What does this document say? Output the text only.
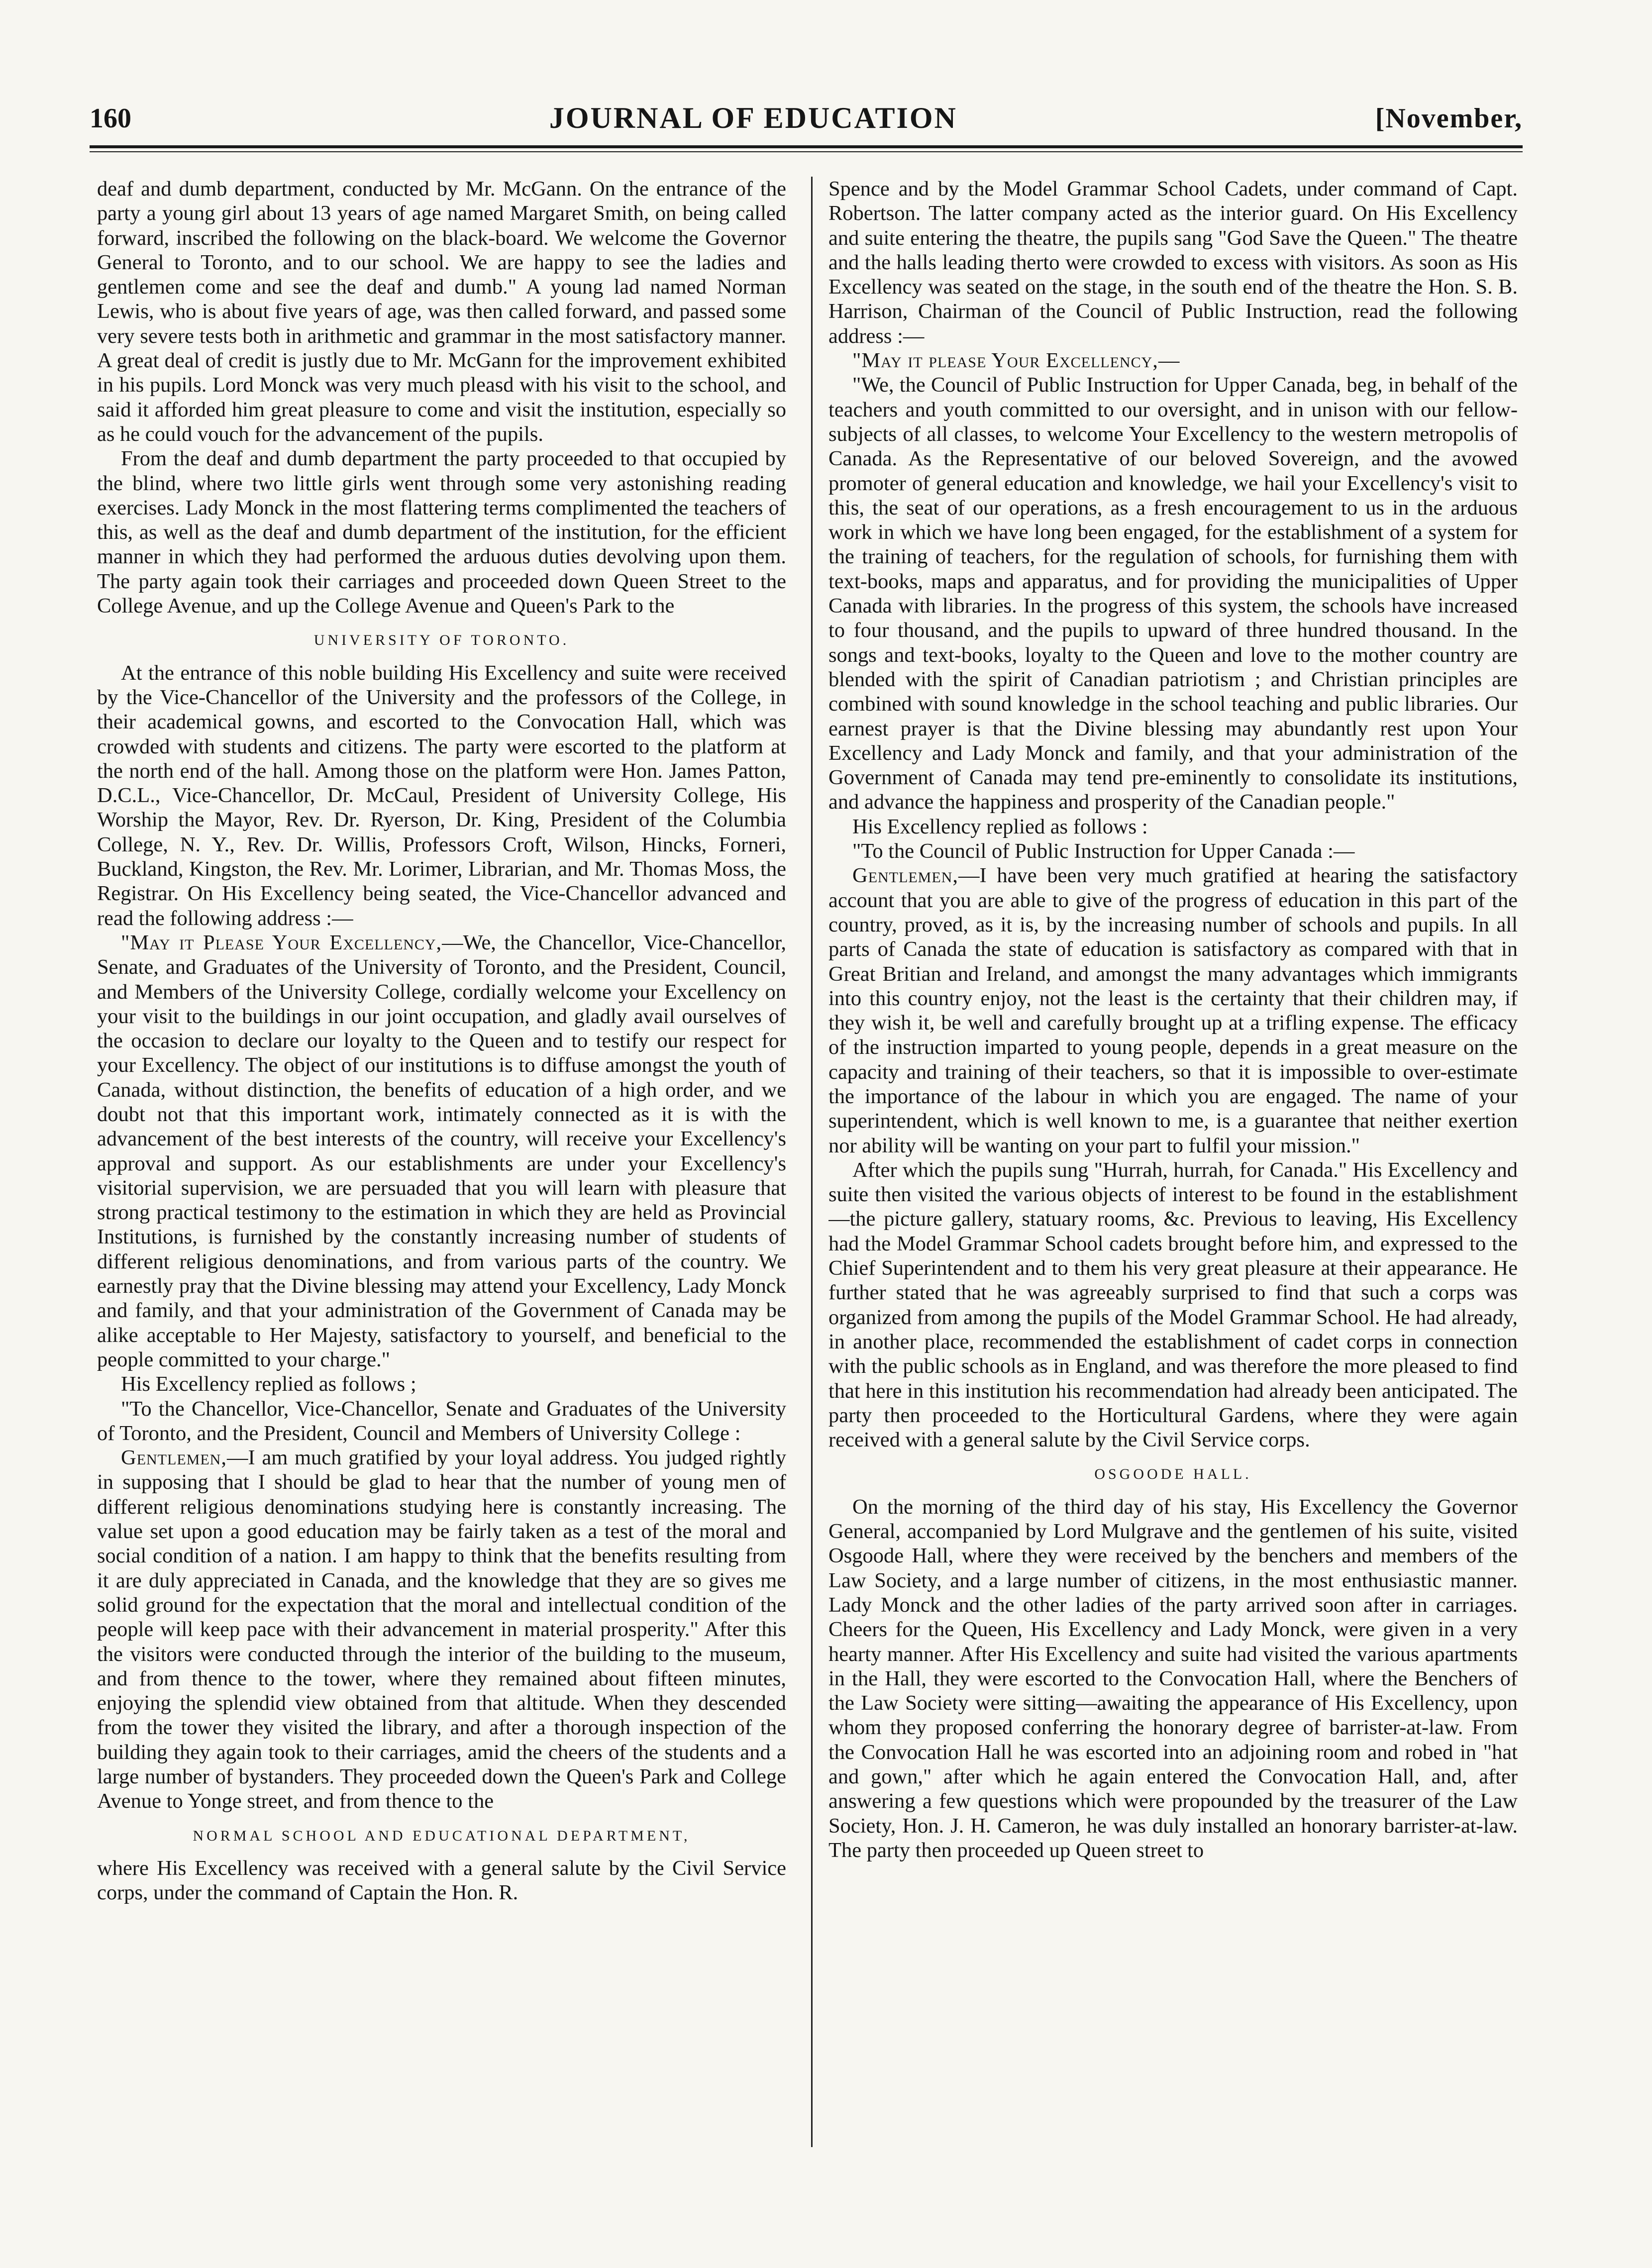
160	JOURNAL OF EDUCATION	[November,

deaf and dumb department, conducted by Mr. McGann. On the entrance of the party a young girl about 13 years of age named Margaret Smith, on being called forward, inscribed the following on the black-board. We welcome the Governor General to Toronto, and to our school. We are happy to see the ladies and gentlemen come and see the deaf and dumb." A young lad named Norman Lewis, who is about five years of age, was then called forward, and passed some very severe tests both in arithmetic and grammar in the most satisfactory manner. A great deal of credit is justly due to Mr. McGann for the improvement exhibited in his pupils. Lord Monck was very much pleasd with his visit to the school, and said it afforded him great pleasure to come and visit the institution, especially so as he could vouch for the advancement of the pupils.

From the deaf and dumb department the party proceeded to that occupied by the blind, where two little girls went through some very astonishing reading exercises. Lady Monck in the most flattering terms complimented the teachers of this, as well as the deaf and dumb department of the institution, for the efficient manner in which they had performed the arduous duties devolving upon them. The party again took their carriages and proceeded down Queen Street to the College Avenue, and up the College Avenue and Queen's Park to the

UNIVERSITY OF TORONTO.

At the entrance of this noble building His Excellency and suite were received by the Vice-Chancellor of the University and the professors of the College, in their academical gowns, and escorted to the Convocation Hall, which was crowded with students and citizens. The party were escorted to the platform at the north end of the hall. Among those on the platform were Hon. James Patton, D.C.L., Vice-Chancellor, Dr. McCaul, President of University College, His Worship the Mayor, Rev. Dr. Ryerson, Dr. King, President of the Columbia College, N. Y., Rev. Dr. Willis, Professors Croft, Wilson, Hincks, Forneri, Buckland, Kingston, the Rev. Mr. Lorimer, Librarian, and Mr. Thomas Moss, the Registrar. On His Excellency being seated, the Vice-Chancellor advanced and read the following address :—

"May it Please Your Excellency,—We, the Chancellor, Vice-Chancellor, Senate, and Graduates of the University of Toronto, and the President, Council, and Members of the University College, cordially welcome your Excellency on your visit to the buildings in our joint occupation, and gladly avail ourselves of the occasion to declare our loyalty to the Queen and to testify our respect for your Excellency. The object of our institutions is to diffuse amongst the youth of Canada, without distinction, the benefits of education of a high order, and we doubt not that this important work, intimately connected as it is with the advancement of the best interests of the country, will receive your Excellency's approval and support. As our establishments are under your Excellency's visitorial supervision, we are persuaded that you will learn with pleasure that strong practical testimony to the estimation in which they are held as Provincial Institutions, is furnished by the constantly increasing number of students of different religious denominations, and from various parts of the country. We earnestly pray that the Divine blessing may attend your Excellency, Lady Monck and family, and that your administration of the Government of Canada may be alike acceptable to Her Majesty, satisfactory to yourself, and beneficial to the people committed to your charge."

His Excellency replied as follows ;

"To the Chancellor, Vice-Chancellor, Senate and Graduates of the University of Toronto, and the President, Council and Members of University College :

Gentlemen,—I am much gratified by your loyal address. You judged rightly in supposing that I should be glad to hear that the number of young men of different religious denominations studying here is constantly increasing. The value set upon a good education may be fairly taken as a test of the moral and social condition of a nation. I am happy to think that the benefits resulting from it are duly appreciated in Canada, and the knowledge that they are so gives me solid ground for the expectation that the moral and intellectual condition of the people will keep pace with their advancement in material prosperity." After this the visitors were conducted through the interior of the building to the museum, and from thence to the tower, where they remained about fifteen minutes, enjoying the splendid view obtained from that altitude. When they descended from the tower they visited the library, and after a thorough inspection of the building they again took to their carriages, amid the cheers of the students and a large number of bystanders. They proceeded down the Queen's Park and College Avenue to Yonge street, and from thence to the

NORMAL SCHOOL AND EDUCATIONAL DEPARTMENT,

where His Excellency was received with a general salute by the Civil Service corps, under the command of Captain the Hon. R.

Spence and by the Model Grammar School Cadets, under command of Capt. Robertson. The latter company acted as the interior guard. On His Excellency and suite entering the theatre, the pupils sang "God Save the Queen." The theatre and the halls leading therto were crowded to excess with visitors. As soon as His Excellency was seated on the stage, in the south end of the theatre the Hon. S. B. Harrison, Chairman of the Council of Public Instruction, read the following address :—

"May it please Your Excellency,—

"We, the Council of Public Instruction for Upper Canada, beg, in behalf of the teachers and youth committed to our oversight, and in unison with our fellow-subjects of all classes, to welcome Your Excellency to the western metropolis of Canada. As the Representative of our beloved Sovereign, and the avowed promoter of general education and knowledge, we hail your Excellency's visit to this, the seat of our operations, as a fresh encouragement to us in the arduous work in which we have long been engaged, for the establishment of a system for the training of teachers, for the regulation of schools, for furnishing them with text-books, maps and apparatus, and for providing the municipalities of Upper Canada with libraries. In the progress of this system, the schools have increased to four thousand, and the pupils to upward of three hundred thousand. In the songs and text-books, loyalty to the Queen and love to the mother country are blended with the spirit of Canadian patriotism ; and Christian principles are combined with sound knowledge in the school teaching and public libraries. Our earnest prayer is that the Divine blessing may abundantly rest upon Your Excellency and Lady Monck and family, and that your administration of the Government of Canada may tend pre-eminently to consolidate its institutions, and advance the happiness and prosperity of the Canadian people."

His Excellency replied as follows :

"To the Council of Public Instruction for Upper Canada :—

Gentlemen,—I have been very much gratified at hearing the satisfactory account that you are able to give of the progress of education in this part of the country, proved, as it is, by the increasing number of schools and pupils. In all parts of Canada the state of education is satisfactory as compared with that in Great Britian and Ireland, and amongst the many advantages which immigrants into this country enjoy, not the least is the certainty that their children may, if they wish it, be well and carefully brought up at a trifling expense. The efficacy of the instruction imparted to young people, depends in a great measure on the capacity and training of their teachers, so that it is impossible to over-estimate the importance of the labour in which you are engaged. The name of your superintendent, which is well known to me, is a guarantee that neither exertion nor ability will be wanting on your part to fulfil your mission."

After which the pupils sung "Hurrah, hurrah, for Canada." His Excellency and suite then visited the various objects of interest to be found in the establishment—the picture gallery, statuary rooms, &c. Previous to leaving, His Excellency had the Model Grammar School cadets brought before him, and expressed to the Chief Superintendent and to them his very great pleasure at their appearance. He further stated that he was agreeably surprised to find that such a corps was organized from among the pupils of the Model Grammar School. He had already, in another place, recommended the establishment of cadet corps in connection with the public schools as in England, and was therefore the more pleased to find that here in this institution his recommendation had already been anticipated. The party then proceeded to the Horticultural Gardens, where they were again received with a general salute by the Civil Service corps.

OSGOODE HALL.

On the morning of the third day of his stay, His Excellency the Governor General, accompanied by Lord Mulgrave and the gentlemen of his suite, visited Osgoode Hall, where they were received by the benchers and members of the Law Society, and a large number of citizens, in the most enthusiastic manner. Lady Monck and the other ladies of the party arrived soon after in carriages. Cheers for the Queen, His Excellency and Lady Monck, were given in a very hearty manner. After His Excellency and suite had visited the various apartments in the Hall, they were escorted to the Convocation Hall, where the Benchers of the Law Society were sitting—awaiting the appearance of His Excellency, upon whom they proposed conferring the honorary degree of barrister-at-law. From the Convocation Hall he was escorted into an adjoining room and robed in "hat and gown," after which he again entered the Convocation Hall, and, after answering a few questions which were propounded by the treasurer of the Law Society, Hon. J. H. Cameron, he was duly installed an honorary barrister-at-law. The party then proceeded up Queen street to
